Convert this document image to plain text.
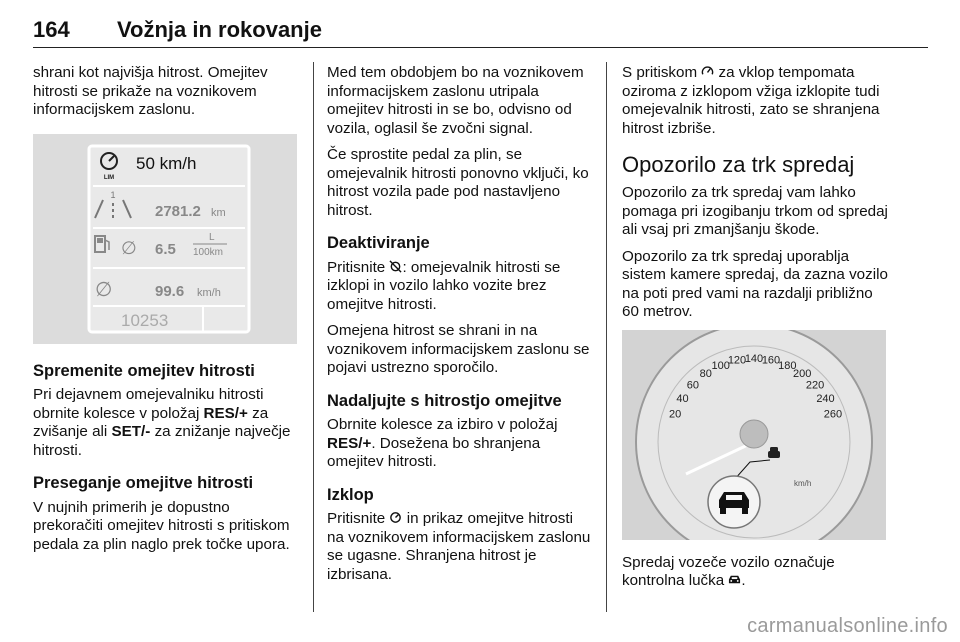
164	Vožnja in rokovanje

shrani kot najvišja hitrost. Omejitev hitrosti se prikaže na voznikovem informacijskem zaslonu.

LIM
50 km/h
1
2781.2 km
∅ 6.5
L
100km
∅	99.6 km/h
10253
Spremenite omejitev hitrosti

Pri dejavnem omejevalniku hitrosti obrnite kolesce v položaj RES/+ za zvišanje ali SET/- za znižanje največje hitrosti.

Preseganje omejitve hitrosti

V nujnih primerih je dopustno prekoračiti omejitev hitrosti s pritiskom pedala za plin naglo prek točke upora.

Med tem obdobjem bo na voznikovem informacijskem zaslonu utripala omejitev hitrosti in se bo, odvisno od vozila, oglasil še zvočni signal.

Če sprostite pedal za plin, se omejevalnik hitrosti ponovno vključi, ko hitrost vozila pade pod nastavljeno hitrost.

Deaktiviranje

Pritisnite : omejevalnik hitrosti se izklopi in vozilo lahko vozite brez omejitve hitrosti.

Omejena hitrost se shrani in na voznikovem informacijskem zaslonu se pojavi ustrezno sporočilo.

Nadaljujte s hitrostjo omejitve

Obrnite kolesce za izbiro v položaj RES/+. Dosežena bo shranjena omejitev hitrosti.

Izklop

Pritisnite  in prikaz omejitve hitrosti na voznikovem informacijskem zaslonu se ugasne. Shranjena hitrost je izbrisana.

S pritiskom  za vklop tempomata oziroma z izklopom vžiga izklopite tudi omejevalnik hitrosti, zato se shranjena hitrost izbriše.

Opozorilo za trk spredaj

Opozorilo za trk spredaj vam lahko pomaga pri izogibanju trkom od spredaj ali vsaj pri zmanjšanju škode.

Opozorilo za trk spredaj uporablja sistem kamere spredaj, da zazna vozilo na poti pred vami na razdalji približno 60 metrov.

20
40
60
80
100
120
140
160
180
200
220
240
260
km/h

Spredaj vozeče vozilo označuje kontrolna lučka .

carmanualsonline.info
